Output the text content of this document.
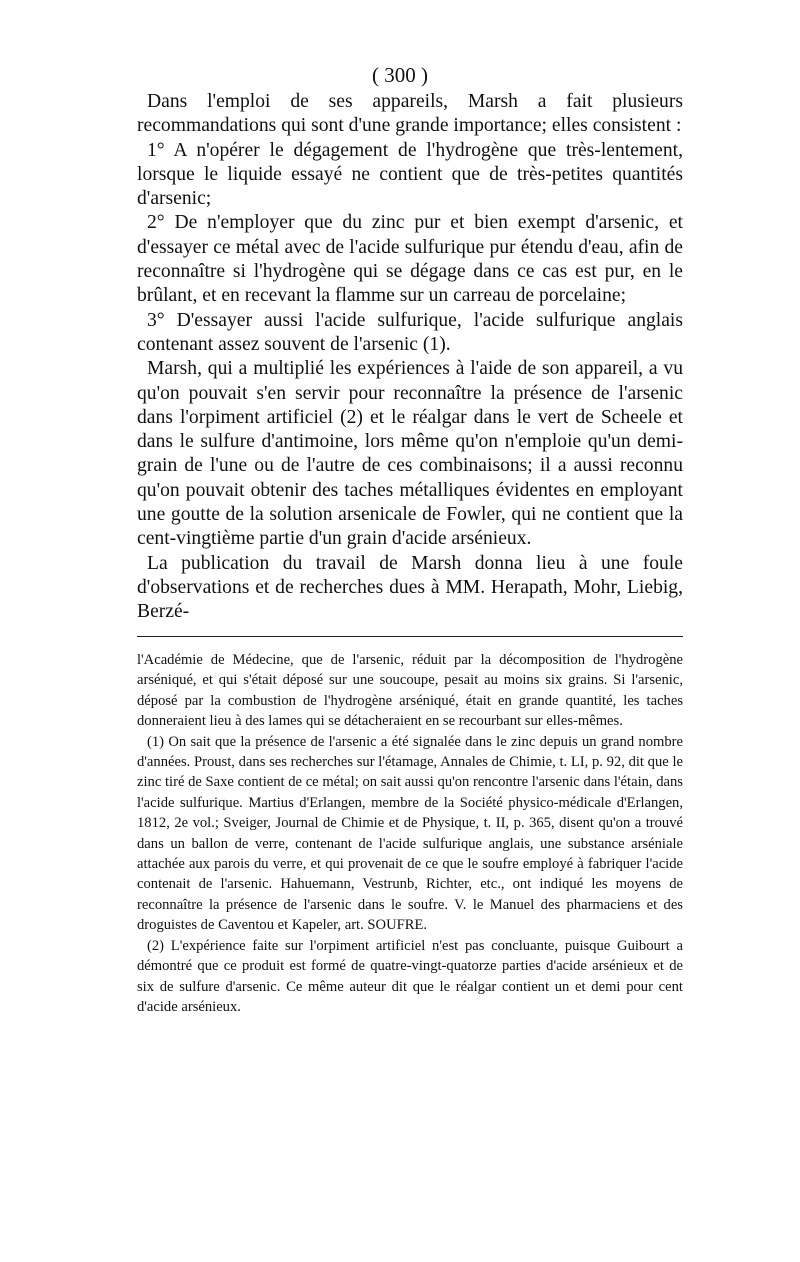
( 300 )

Dans l'emploi de ses appareils, Marsh a fait plusieurs recommandations qui sont d'une grande importance; elles consistent :

1° A n'opérer le dégagement de l'hydrogène que très-lentement, lorsque le liquide essayé ne contient que de très-petites quantités d'arsenic;

2° De n'employer que du zinc pur et bien exempt d'arsenic, et d'essayer ce métal avec de l'acide sulfurique pur étendu d'eau, afin de reconnaître si l'hydrogène qui se dégage dans ce cas est pur, en le brûlant, et en recevant la flamme sur un carreau de porcelaine;

3° D'essayer aussi l'acide sulfurique, l'acide sulfurique anglais contenant assez souvent de l'arsenic (1).

Marsh, qui a multiplié les expériences à l'aide de son appareil, a vu qu'on pouvait s'en servir pour reconnaître la présence de l'arsenic dans l'orpiment artificiel (2) et le réalgar dans le vert de Scheele et dans le sulfure d'antimoine, lors même qu'on n'emploie qu'un demi-grain de l'une ou de l'autre de ces combinaisons; il a aussi reconnu qu'on pouvait obtenir des taches métalliques évidentes en employant une goutte de la solution arsenicale de Fowler, qui ne contient que la cent-vingtième partie d'un grain d'acide arsénieux.

La publication du travail de Marsh donna lieu à une foule d'observations et de recherches dues à MM. Herapath, Mohr, Liebig, Berzé-

l'Académie de Médecine, que de l'arsenic, réduit par la décomposition de l'hydrogène arséniqué, et qui s'était déposé sur une soucoupe, pesait au moins six grains. Si l'arsenic, déposé par la combustion de l'hydrogène arséniqué, était en grande quantité, les taches donneraient lieu à des lames qui se détacheraient en se recourbant sur elles-mêmes.

(1) On sait que la présence de l'arsenic a été signalée dans le zinc depuis un grand nombre d'années. Proust, dans ses recherches sur l'étamage, Annales de Chimie, t. LI, p. 92, dit que le zinc tiré de Saxe contient de ce métal; on sait aussi qu'on rencontre l'arsenic dans l'étain, dans l'acide sulfurique. Martius d'Erlangen, membre de la Société physico-médicale d'Erlangen, 1812, 2e vol.; Sveiger, Journal de Chimie et de Physique, t. II, p. 365, disent qu'on a trouvé dans un ballon de verre, contenant de l'acide sulfurique anglais, une substance arséniale attachée aux parois du verre, et qui provenait de ce que le soufre employé à fabriquer l'acide contenait de l'arsenic. Hahuemann, Vestrunb, Richter, etc., ont indiqué les moyens de reconnaître la présence de l'arsenic dans le soufre. V. le Manuel des pharmaciens et des droguistes de Caventou et Kapeler, art. SOUFRE.

(2) L'expérience faite sur l'orpiment artificiel n'est pas concluante, puisque Guibourt a démontré que ce produit est formé de quatre-vingt-quatorze parties d'acide arsénieux et de six de sulfure d'arsenic. Ce même auteur dit que le réalgar contient un et demi pour cent d'acide arsénieux.
